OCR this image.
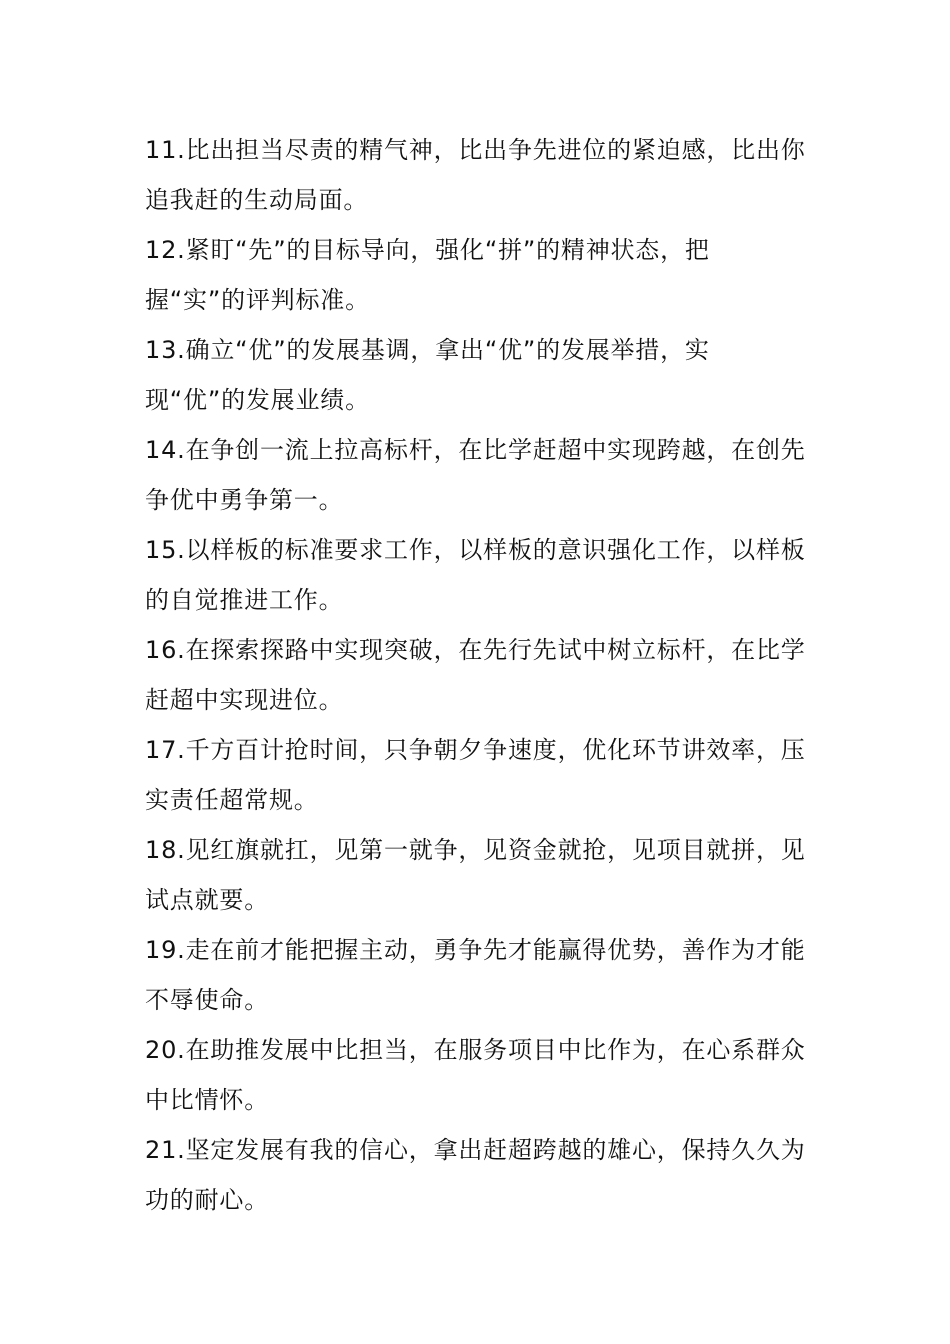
11.比出担当尽责的精气神，比出争先进位的紧迫感，比出你追我赶的生动局面。

12.紧盯“先”的目标导向，强化“拼”的精神状态，把握“实”的评判标准。

13.确立“优”的发展基调，拿出“优”的发展举措，实现“优”的发展业绩。

14.在争创一流上拉高标杆，在比学赶超中实现跨越，在创先争优中勇争第一。

15.以样板的标准要求工作，以样板的意识强化工作，以样板的自觉推进工作。

16.在探索探路中实现突破，在先行先试中树立标杆，在比学赶超中实现进位。

17.千方百计抢时间，只争朝夕争速度，优化环节讲效率，压实责任超常规。

18.见红旗就扛，见第一就争，见资金就抢，见项目就拼，见试点就要。

19.走在前才能把握主动，勇争先才能赢得优势，善作为才能不辱使命。

20.在助推发展中比担当，在服务项目中比作为，在心系群众中比情怀。

21.坚定发展有我的信心，拿出赶超跨越的雄心，保持久久为功的耐心。
